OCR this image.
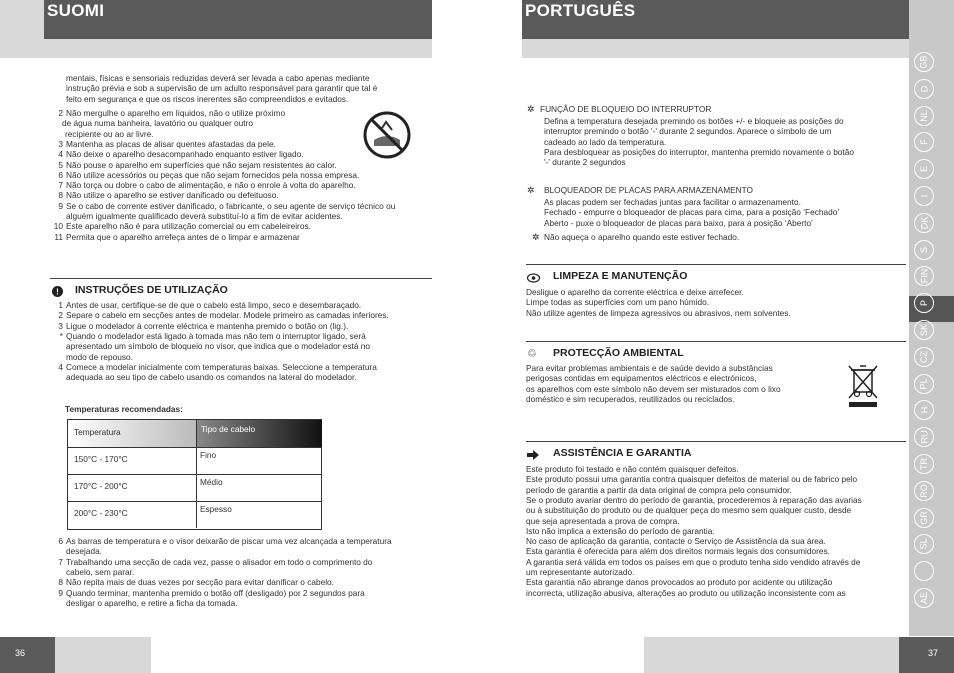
SUOMI	PORTUGUÊS
GB
D
NL
F
E
I
DK
S
FIN
P
SK
CZ
PL
H
RU
TR
RO
GR
SL
AE
mentais, físicas e sensoriais reduzidas deverá ser levada a cabo apenas mediante
instrução prévia e sob a supervisão de um adulto responsável para garantir que tal é
feito em segurança e que os riscos inerentes são compreendidos e evitados.
2 Não mergulhe o aparelho em líquidos, não o utilize próximo
de água numa banheira, lavatório ou qualquer outro
recipiente ou ao ar livre.
3 Mantenha as placas de alisar quentes afastadas da pele.
4 Não deixe o aparelho desacompanhado enquanto estiver ligado.
5 Não pouse o aparelho em superfícies que não sejam resistentes ao calor.
6 Não utilize acessórios ou peças que não sejam fornecidos pela nossa empresa.
7 Não torça ou dobre o cabo de alimentação, e não o enrole à volta do aparelho.
8 Não utilize o aparelho se estiver danificado ou defeituoso.
9 Se o cabo de corrente estiver danificado, o fabricante, o seu agente de serviço técnico ou
alguém igualmente qualificado deverá substituí-lo a fim de evitar acidentes.
10 Este aparelho não é para utilização comercial ou em cabeleireiros.
11 Permita que o aparelho arrefeça antes de o limpar e armazenar
! INSTRUÇÕES DE UTILIZAÇÃO
1 Antes de usar, certifique-se de que o cabelo está limpo, seco e desembaraçado.
2 Separe o cabelo em secções antes de modelar. Modele primeiro as camadas inferiores.
3 Ligue o modelador à corrente eléctrica e mantenha premido o botão on (lig.).
* Quando o modelador está ligado à tomada mas não tem o interruptor ligado, será
apresentado um símbolo de bloqueio no visor, que indica que o modelador está no
modo de repouso.
4 Comece a modelar inicialmente com temperaturas baixas. Seleccione a temperatura
adequada ao seu tipo de cabelo usando os comandos na lateral do modelador.
Temperaturas recomendadas:
Temperatura	Tipo de cabelo
150°C - 170°C	Fino
170°C - 200°C	Médio
200°C - 230°C	Espesso
6 As barras de temperatura e o visor deixarão de piscar uma vez alcançada a temperatura
desejada.
7 Trabalhando uma secção de cada vez, passe o alisador em todo o comprimento do
cabelo, sem parar.
8 Não repita mais de duas vezes por secção para evitar danificar o cabelo.
9 Quando terminar, mantenha premido o botão off (desligado) por 2 segundos para
desligar o aparelho, e retire a ficha da tomada.
✲ FUNÇÃO DE BLOQUEIO DO INTERRUPTOR
Defina a temperatura desejada premindo os botões +/- e bloqueie as posições do
interruptor premindo o botão '-' durante 2 segundos. Aparece o símbolo de um
cadeado ao lado da temperatura.
Para desbloquear as posições do interruptor, mantenha premido novamente o botão
'-' durante 2 segundos
✲ BLOQUEADOR DE PLACAS PARA ARMAZENAMENTO
As placas podem ser fechadas juntas para facilitar o armazenamento.
Fechado - empurre o bloqueador de placas para cima, para a posição ‘Fechado’
Aberto - puxe o bloqueador de placas para baixo, para a posição ‘Aberto’
✲ Não aqueça o aparelho quando este estiver fechado.
LIMPEZA E MANUTENÇÃO
Desligue o aparelho da corrente eléctrica e deixe arrefecer.
Limpe todas as superfícies com um pano húmido.
Não utilize agentes de limpeza agressivos ou abrasivos, nem solventes.
♲ PROTECÇÃO AMBIENTAL
Para evitar problemas ambientais e de saúde devido a substâncias
perigosas contidas em equipamentos eléctricos e electrónicos,
os aparelhos com este símbolo não devem ser misturados com o lixo
doméstico e sim recuperados, reutilizados ou reciclados.
ASSISTÊNCIA E GARANTIA
Este produto foi testado e não contém quaisquer defeitos.
Este produto possui uma garantia contra quaisquer defeitos de material ou de fabrico pelo
período de garantia a partir da data original de compra pelo consumidor.
Se o produto avariar dentro do período de garantia, procederemos à reparação das avarias
ou à substituição do produto ou de qualquer peça do mesmo sem qualquer custo, desde
que seja apresentada a prova de compra.
Isto não implica a extensão do período de garantia.
No caso de aplicação da garantia, contacte o Serviço de Assistência da sua área.
Esta garantia é oferecida para além dos direitos normais legais dos consumidores.
A garantia será válida em todos os países em que o produto tenha sido vendido através de
um representante autorizado.
Esta garantia não abrange danos provocados ao produto por acidente ou utilização
incorrecta, utilização abusiva, alterações ao produto ou utilização inconsistente com as
36	37
